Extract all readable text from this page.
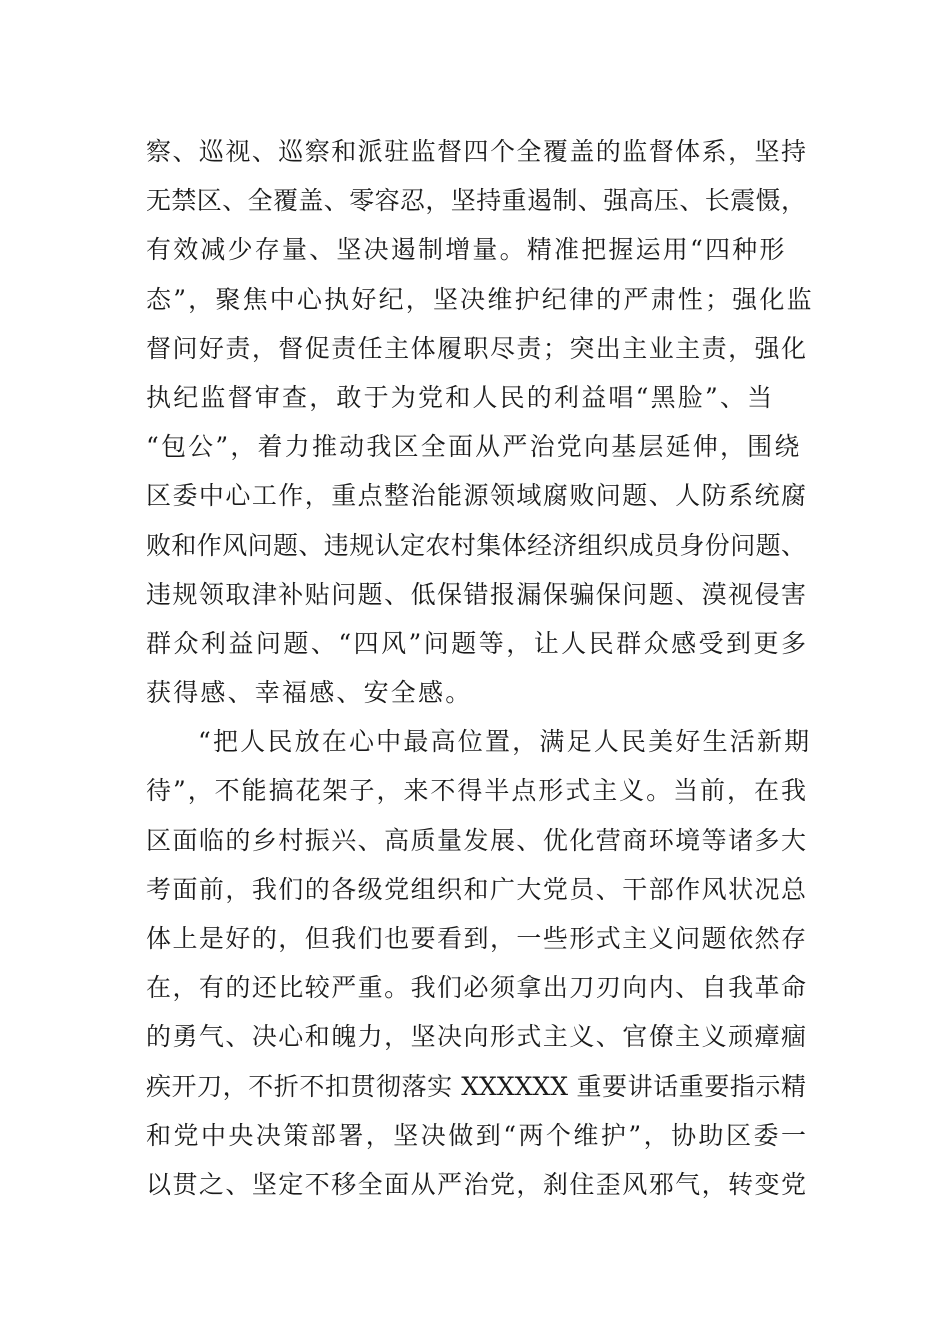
察、巡视、巡察和派驻监督四个全覆盖的监督体系，坚持
无禁区、全覆盖、零容忍，坚持重遏制、强高压、长震慑，
有效减少存量、坚决遏制增量。精准把握运用“四种形
态”，聚焦中心执好纪，坚决维护纪律的严肃性；强化监
督问好责，督促责任主体履职尽责；突出主业主责，强化
执纪监督审查，敢于为党和人民的利益唱“黑脸”、当
“包公”，着力推动我区全面从严治党向基层延伸，围绕
区委中心工作，重点整治能源领域腐败问题、人防系统腐
败和作风问题、违规认定农村集体经济组织成员身份问题、
违规领取津补贴问题、低保错报漏保骗保问题、漠视侵害
群众利益问题、“四风”问题等，让人民群众感受到更多
获得感、幸福感、安全感。
“把人民放在心中最高位置，满足人民美好生活新期
待”，不能搞花架子，来不得半点形式主义。当前，在我
区面临的乡村振兴、高质量发展、优化营商环境等诸多大
考面前，我们的各级党组织和广大党员、干部作风状况总
体上是好的，但我们也要看到，一些形式主义问题依然存
在，有的还比较严重。我们必须拿出刀刃向内、自我革命
的勇气、决心和魄力，坚决向形式主义、官僚主义顽瘴痼
疾开刀，不折不扣贯彻落实 XXXXXX 重要讲话重要指示精
和党中央决策部署，坚决做到“两个维护”，协助区委一
以贯之、坚定不移全面从严治党，刹住歪风邪气，转变党
